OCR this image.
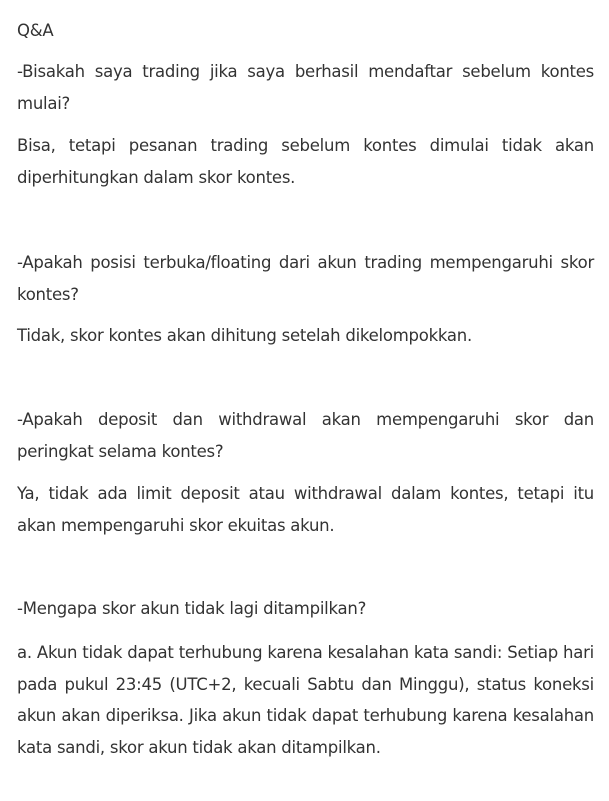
Q&A

-Bisakah saya trading jika saya berhasil mendaftar sebelum kontes mulai?

Bisa, tetapi pesanan trading sebelum kontes dimulai tidak akan diperhitungkan dalam skor kontes.

-Apakah posisi terbuka/floating dari akun trading mempengaruhi skor kontes?

Tidak, skor kontes akan dihitung setelah dikelompokkan.

-Apakah deposit dan withdrawal akan mempengaruhi skor dan peringkat selama kontes?

Ya, tidak ada limit deposit atau withdrawal dalam kontes, tetapi itu akan mempengaruhi skor ekuitas akun.

-Mengapa skor akun tidak lagi ditampilkan?

a. Akun tidak dapat terhubung karena kesalahan kata sandi: Setiap hari pada pukul 23:45 (UTC+2, kecuali Sabtu dan Minggu), status koneksi akun akan diperiksa. Jika akun tidak dapat terhubung karena kesalahan kata sandi, skor akun tidak akan ditampilkan.
